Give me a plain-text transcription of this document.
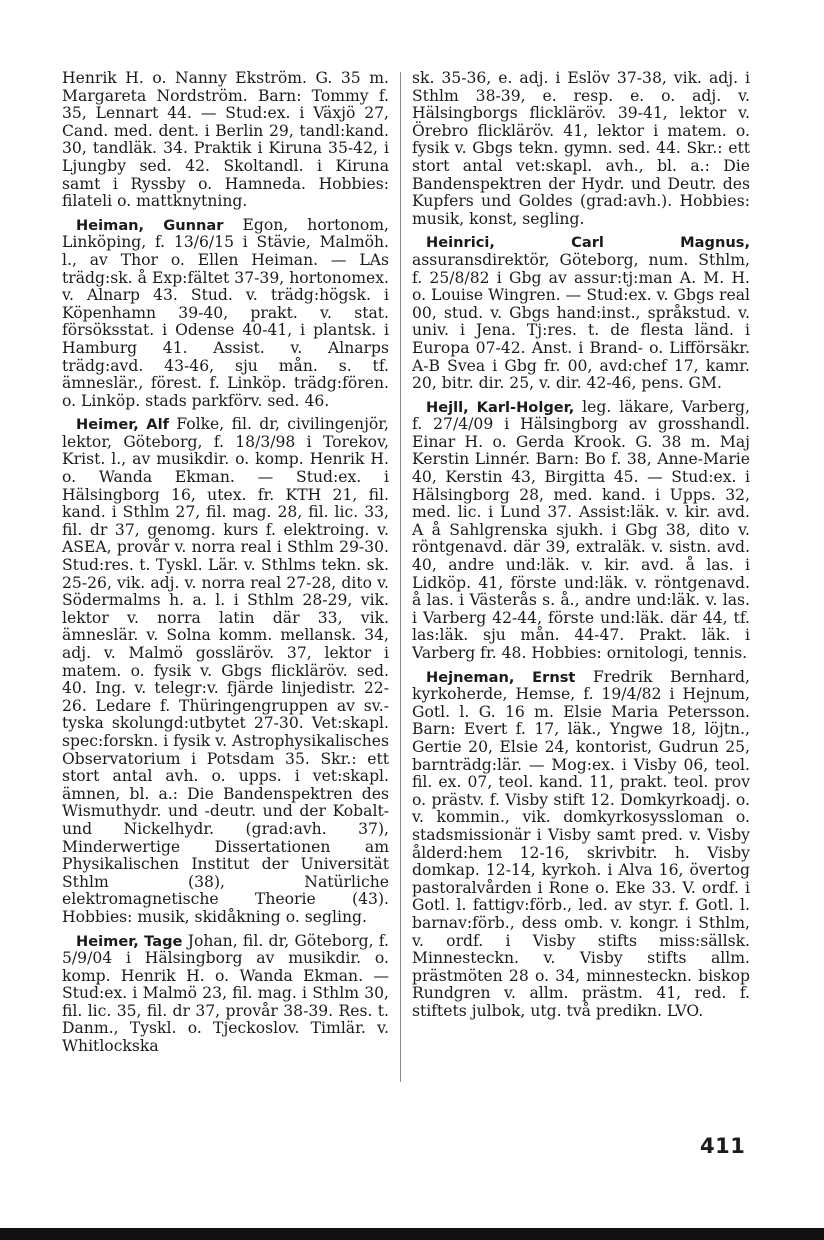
Henrik H. o. Nanny Ekström. G. 35 m. Margareta Nordström. Barn: Tommy f. 35, Lennart 44. — Stud:ex. i Växjö 27, Cand. med. dent. i Berlin 29, tandl:kand. 30, tandläk. 34. Praktik i Kiruna 35-42, i Ljungby sed. 42. Skoltandl. i Kiruna samt i Ryssby o. Hamneda. Hobbies: filateli o. mattknytning.

Heiman, Gunnar Egon, hortonom, Linköping, f. 13/6/15 i Stävie, Malmöh. l., av Thor o. Ellen Heiman. — LAs trädg:sk. å Exp:fältet 37-39, hortonomex. v. Alnarp 43. Stud. v. trädg:högsk. i Köpenhamn 39-40, prakt. v. stat. försöksstat. i Odense 40-41, i plantsk. i Hamburg 41. Assist. v. Alnarps trädg:avd. 43-46, sju mån. s. tf. ämneslär., förest. f. Linköp. trädg:fören. o. Linköp. stads parkförv. sed. 46.

Heimer, Alf Folke, fil. dr, civilingenjör, lektor, Göteborg, f. 18/3/98 i Torekov, Krist. l., av musikdir. o. komp. Henrik H. o. Wanda Ekman. — Stud:ex. i Hälsingborg 16, utex. fr. KTH 21, fil. kand. i Sthlm 27, fil. mag. 28, fil. lic. 33, fil. dr 37, genomg. kurs f. elektroing. v. ASEA, provår v. norra real i Sthlm 29-30. Stud:res. t. Tyskl. Lär. v. Sthlms tekn. sk. 25-26, vik. adj. v. norra real 27-28, dito v. Södermalms h. a. l. i Sthlm 28-29, vik. lektor v. norra latin där 33, vik. ämneslär. v. Solna komm. mellansk. 34, adj. v. Malmö gossläröv. 37, lektor i matem. o. fysik v. Gbgs flickläröv. sed. 40. Ing. v. telegr:v. fjärde linjedistr. 22-26. Ledare f. Thüringengruppen av sv.-tyska skolungd:utbytet 27-30. Vet:skapl. spec:forskn. i fysik v. Astrophysikalisches Observatorium i Potsdam 35. Skr.: ett stort antal avh. o. upps. i vet:skapl. ämnen, bl. a.: Die Bandenspektren des Wismuthydr. und -deutr. und der Kobalt- und Nickelhydr. (grad:avh. 37), Minderwertige Dissertationen am Physikalischen Institut der Universität Sthlm (38), Natürliche elektromagnetische Theorie (43). Hobbies: musik, skidåkning o. segling.

Heimer, Tage Johan, fil. dr, Göteborg, f. 5/9/04 i Hälsingborg av musikdir. o. komp. Henrik H. o. Wanda Ekman. — Stud:ex. i Malmö 23, fil. mag. i Sthlm 30, fil. lic. 35, fil. dr 37, provår 38-39. Res. t. Danm., Tyskl. o. Tjeckoslov. Timlär. v. Whitlockska

sk. 35-36, e. adj. i Eslöv 37-38, vik. adj. i Sthlm 38-39, e. resp. e. o. adj. v. Hälsingborgs flickläröv. 39-41, lektor v. Örebro flickläröv. 41, lektor i matem. o. fysik v. Gbgs tekn. gymn. sed. 44. Skr.: ett stort antal vet:skapl. avh., bl. a.: Die Bandenspektren der Hydr. und Deutr. des Kupfers und Goldes (grad:avh.). Hobbies: musik, konst, segling.

Heinrici, Carl Magnus, assuransdirektör, Göteborg, num. Sthlm, f. 25/8/82 i Gbg av assur:tj:man A. M. H. o. Louise Wingren. — Stud:ex. v. Gbgs real 00, stud. v. Gbgs hand:inst., språkstud. v. univ. i Jena. Tj:res. t. de flesta länd. i Europa 07-42. Anst. i Brand- o. Lifförsäkr. A-B Svea i Gbg fr. 00, avd:chef 17, kamr. 20, bitr. dir. 25, v. dir. 42-46, pens. GM.

Hejll, Karl-Holger, leg. läkare, Varberg, f. 27/4/09 i Hälsingborg av grosshandl. Einar H. o. Gerda Krook. G. 38 m. Maj Kerstin Linnér. Barn: Bo f. 38, Anne-Marie 40, Kerstin 43, Birgitta 45. — Stud:ex. i Hälsingborg 28, med. kand. i Upps. 32, med. lic. i Lund 37. Assist:läk. v. kir. avd. A å Sahlgrenska sjukh. i Gbg 38, dito v. röntgenavd. där 39, extraläk. v. sistn. avd. 40, andre und:läk. v. kir. avd. å las. i Lidköp. 41, förste und:läk. v. röntgenavd. å las. i Västerås s. å., andre und:läk. v. las. i Varberg 42-44, förste und:läk. där 44, tf. las:läk. sju mån. 44-47. Prakt. läk. i Varberg fr. 48. Hobbies: ornitologi, tennis.

Hejneman, Ernst Fredrik Bernhard, kyrkoherde, Hemse, f. 19/4/82 i Hejnum, Gotl. l. G. 16 m. Elsie Maria Petersson. Barn: Evert f. 17, läk., Yngwe 18, löjtn., Gertie 20, Elsie 24, kontorist, Gudrun 25, barnträdg:lär. — Mog:ex. i Visby 06, teol. fil. ex. 07, teol. kand. 11, prakt. teol. prov o. prästv. f. Visby stift 12. Domkyrkoadj. o. v. kommin., vik. domkyrkosyssloman o. stadsmissionär i Visby samt pred. v. Visby ålderd:hem 12-16, skrivbitr. h. Visby domkap. 12-14, kyrkoh. i Alva 16, övertog pastoralvården i Rone o. Eke 33. V. ordf. i Gotl. l. fattigv:förb., led. av styr. f. Gotl. l. barnav:förb., dess omb. v. kongr. i Sthlm, v. ordf. i Visby stifts miss:sällsk. Minnesteckn. v. Visby stifts allm. prästmöten 28 o. 34, minnesteckn. biskop Rundgren v. allm. prästm. 41, red. f. stiftets julbok, utg. två predikn. LVO.

411
